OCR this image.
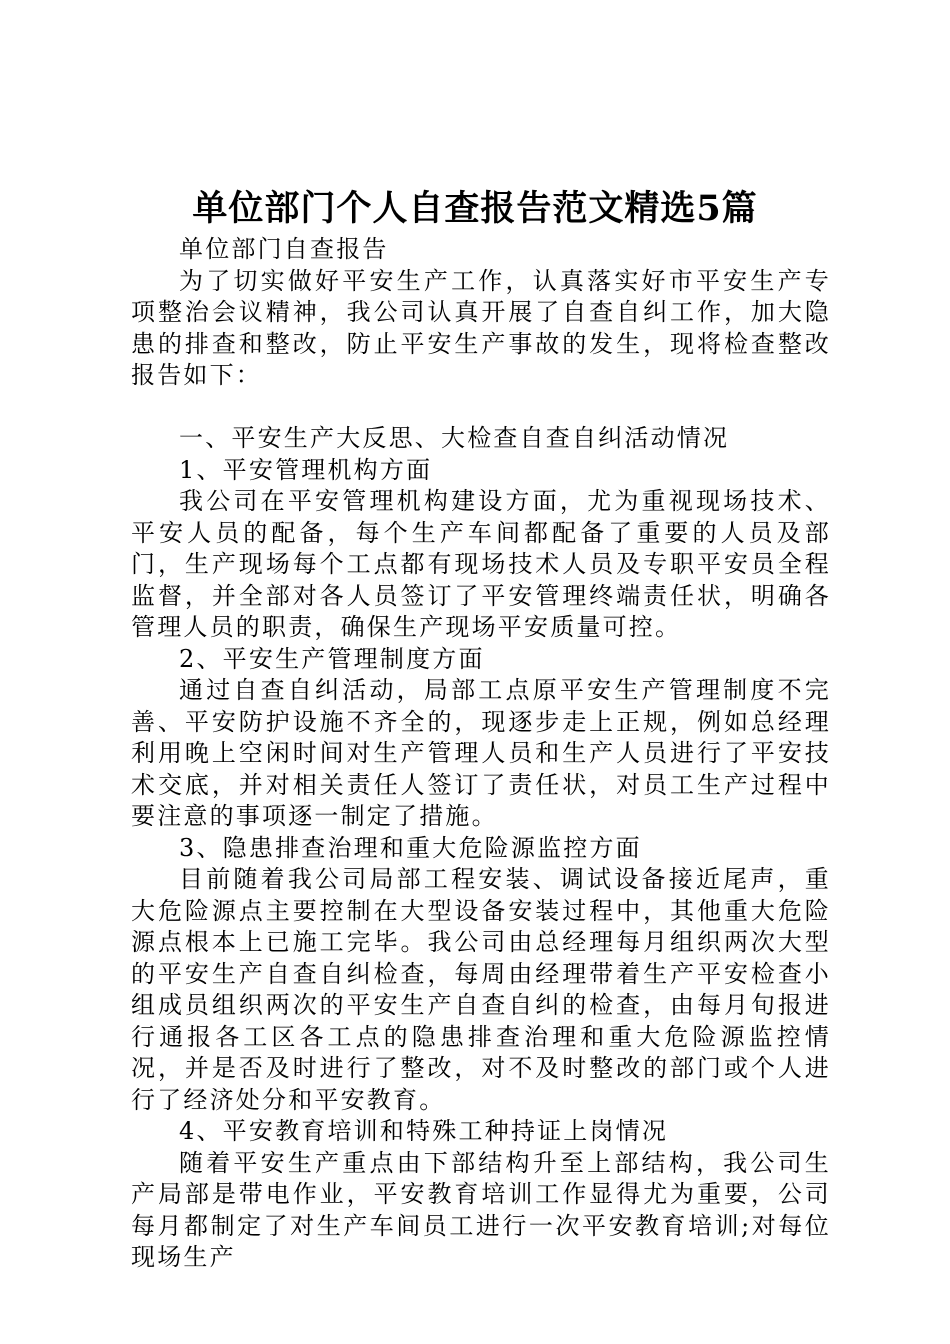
单位部门个人自查报告范文精选5篇

单位部门自查报告

为了切实做好平安生产工作，认真落实好市平安生产专项整治会议精神，我公司认真开展了自查自纠工作，加大隐患的排查和整改，防止平安生产事故的发生，现将检查整改报告如下：

一、平安生产大反思、大检查自查自纠活动情况

1、平安管理机构方面

我公司在平安管理机构建设方面，尤为重视现场技术、平安人员的配备，每个生产车间都配备了重要的人员及部门，生产现场每个工点都有现场技术人员及专职平安员全程监督，并全部对各人员签订了平安管理终端责任状，明确各管理人员的职责，确保生产现场平安质量可控。

2、平安生产管理制度方面

通过自查自纠活动，局部工点原平安生产管理制度不完善、平安防护设施不齐全的，现逐步走上正规，例如总经理利用晚上空闲时间对生产管理人员和生产人员进行了平安技术交底，并对相关责任人签订了责任状，对员工生产过程中要注意的事项逐一制定了措施。

3、隐患排查治理和重大危险源监控方面

目前随着我公司局部工程安装、调试设备接近尾声，重大危险源点主要控制在大型设备安装过程中，其他重大危险源点根本上已施工完毕。我公司由总经理每月组织两次大型的平安生产自查自纠检查，每周由经理带着生产平安检查小组成员组织两次的平安生产自查自纠的检查，由每月旬报进行通报各工区各工点的隐患排查治理和重大危险源监控情况，并是否及时进行了整改，对不及时整改的部门或个人进行了经济处分和平安教育。

4、平安教育培训和特殊工种持证上岗情况

随着平安生产重点由下部结构升至上部结构，我公司生产局部是带电作业，平安教育培训工作显得尤为重要，公司每月都制定了对生产车间员工进行一次平安教育培训;对每位现场生产
